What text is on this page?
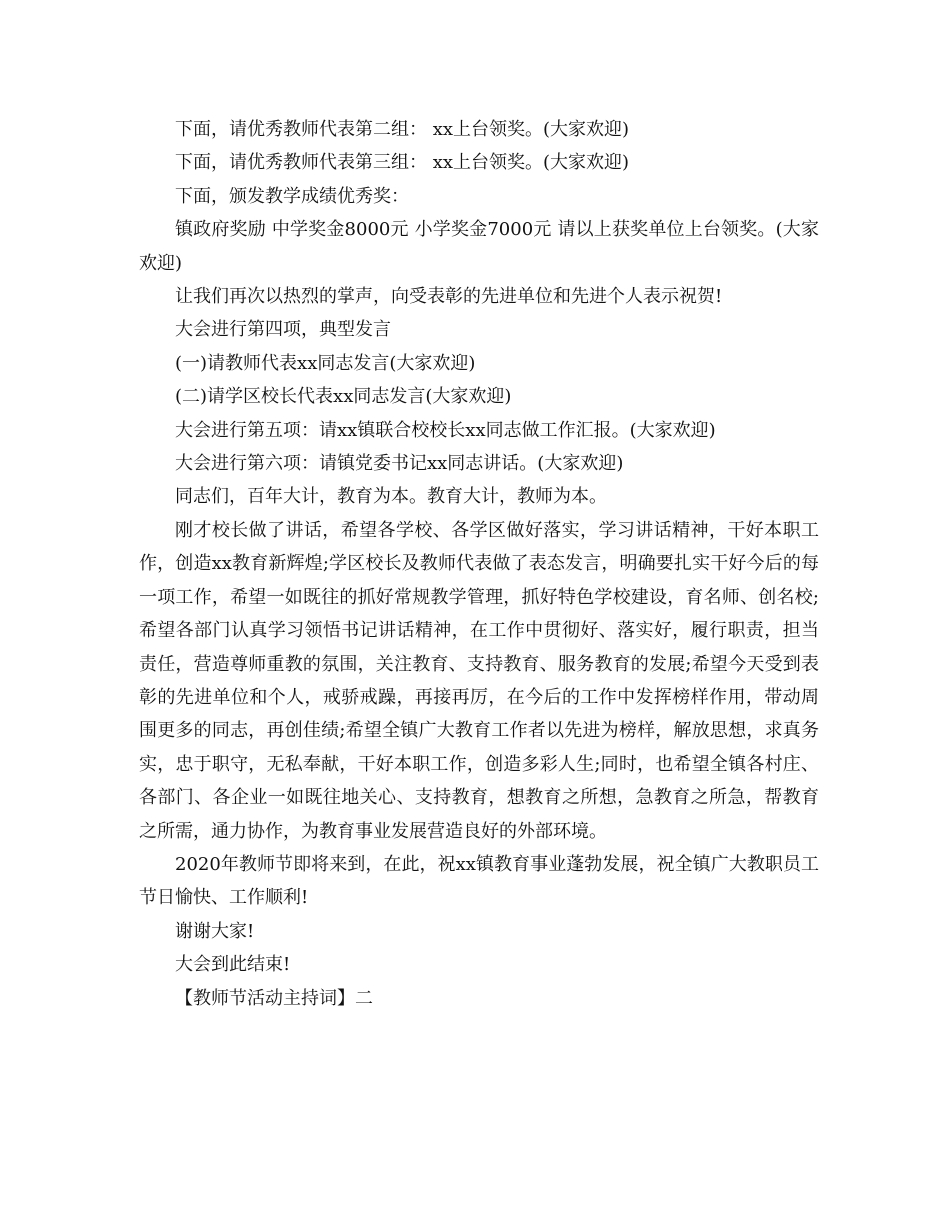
下面，请优秀教师代表第二组： xx上台领奖。(大家欢迎)

下面，请优秀教师代表第三组： xx上台领奖。(大家欢迎)

下面，颁发教学成绩优秀奖：

镇政府奖励 中学奖金8000元 小学奖金7000元 请以上获奖单位上台领奖。(大家欢迎)

让我们再次以热烈的掌声，向受表彰的先进单位和先进个人表示祝贺!

大会进行第四项，典型发言

(一)请教师代表xx同志发言(大家欢迎)

(二)请学区校长代表xx同志发言(大家欢迎)

大会进行第五项：请xx镇联合校校长xx同志做工作汇报。(大家欢迎)

大会进行第六项：请镇党委书记xx同志讲话。(大家欢迎)

同志们，百年大计，教育为本。教育大计，教师为本。

刚才校长做了讲话，希望各学校、各学区做好落实，学习讲话精神，干好本职工作，创造xx教育新辉煌;学区校长及教师代表做了表态发言，明确要扎实干好今后的每一项工作，希望一如既往的抓好常规教学管理，抓好特色学校建设，育名师、创名校;希望各部门认真学习领悟书记讲话精神，在工作中贯彻好、落实好，履行职责，担当责任，营造尊师重教的氛围，关注教育、支持教育、服务教育的发展;希望今天受到表彰的先进单位和个人，戒骄戒躁，再接再厉，在今后的工作中发挥榜样作用，带动周围更多的同志，再创佳绩;希望全镇广大教育工作者以先进为榜样，解放思想，求真务实，忠于职守，无私奉献，干好本职工作，创造多彩人生;同时，也希望全镇各村庄、各部门、各企业一如既往地关心、支持教育，想教育之所想，急教育之所急，帮教育之所需，通力协作，为教育事业发展营造良好的外部环境。

2020年教师节即将来到，在此，祝xx镇教育事业蓬勃发展，祝全镇广大教职员工节日愉快、工作顺利!

谢谢大家!

大会到此结束!

【教师节活动主持词】二
